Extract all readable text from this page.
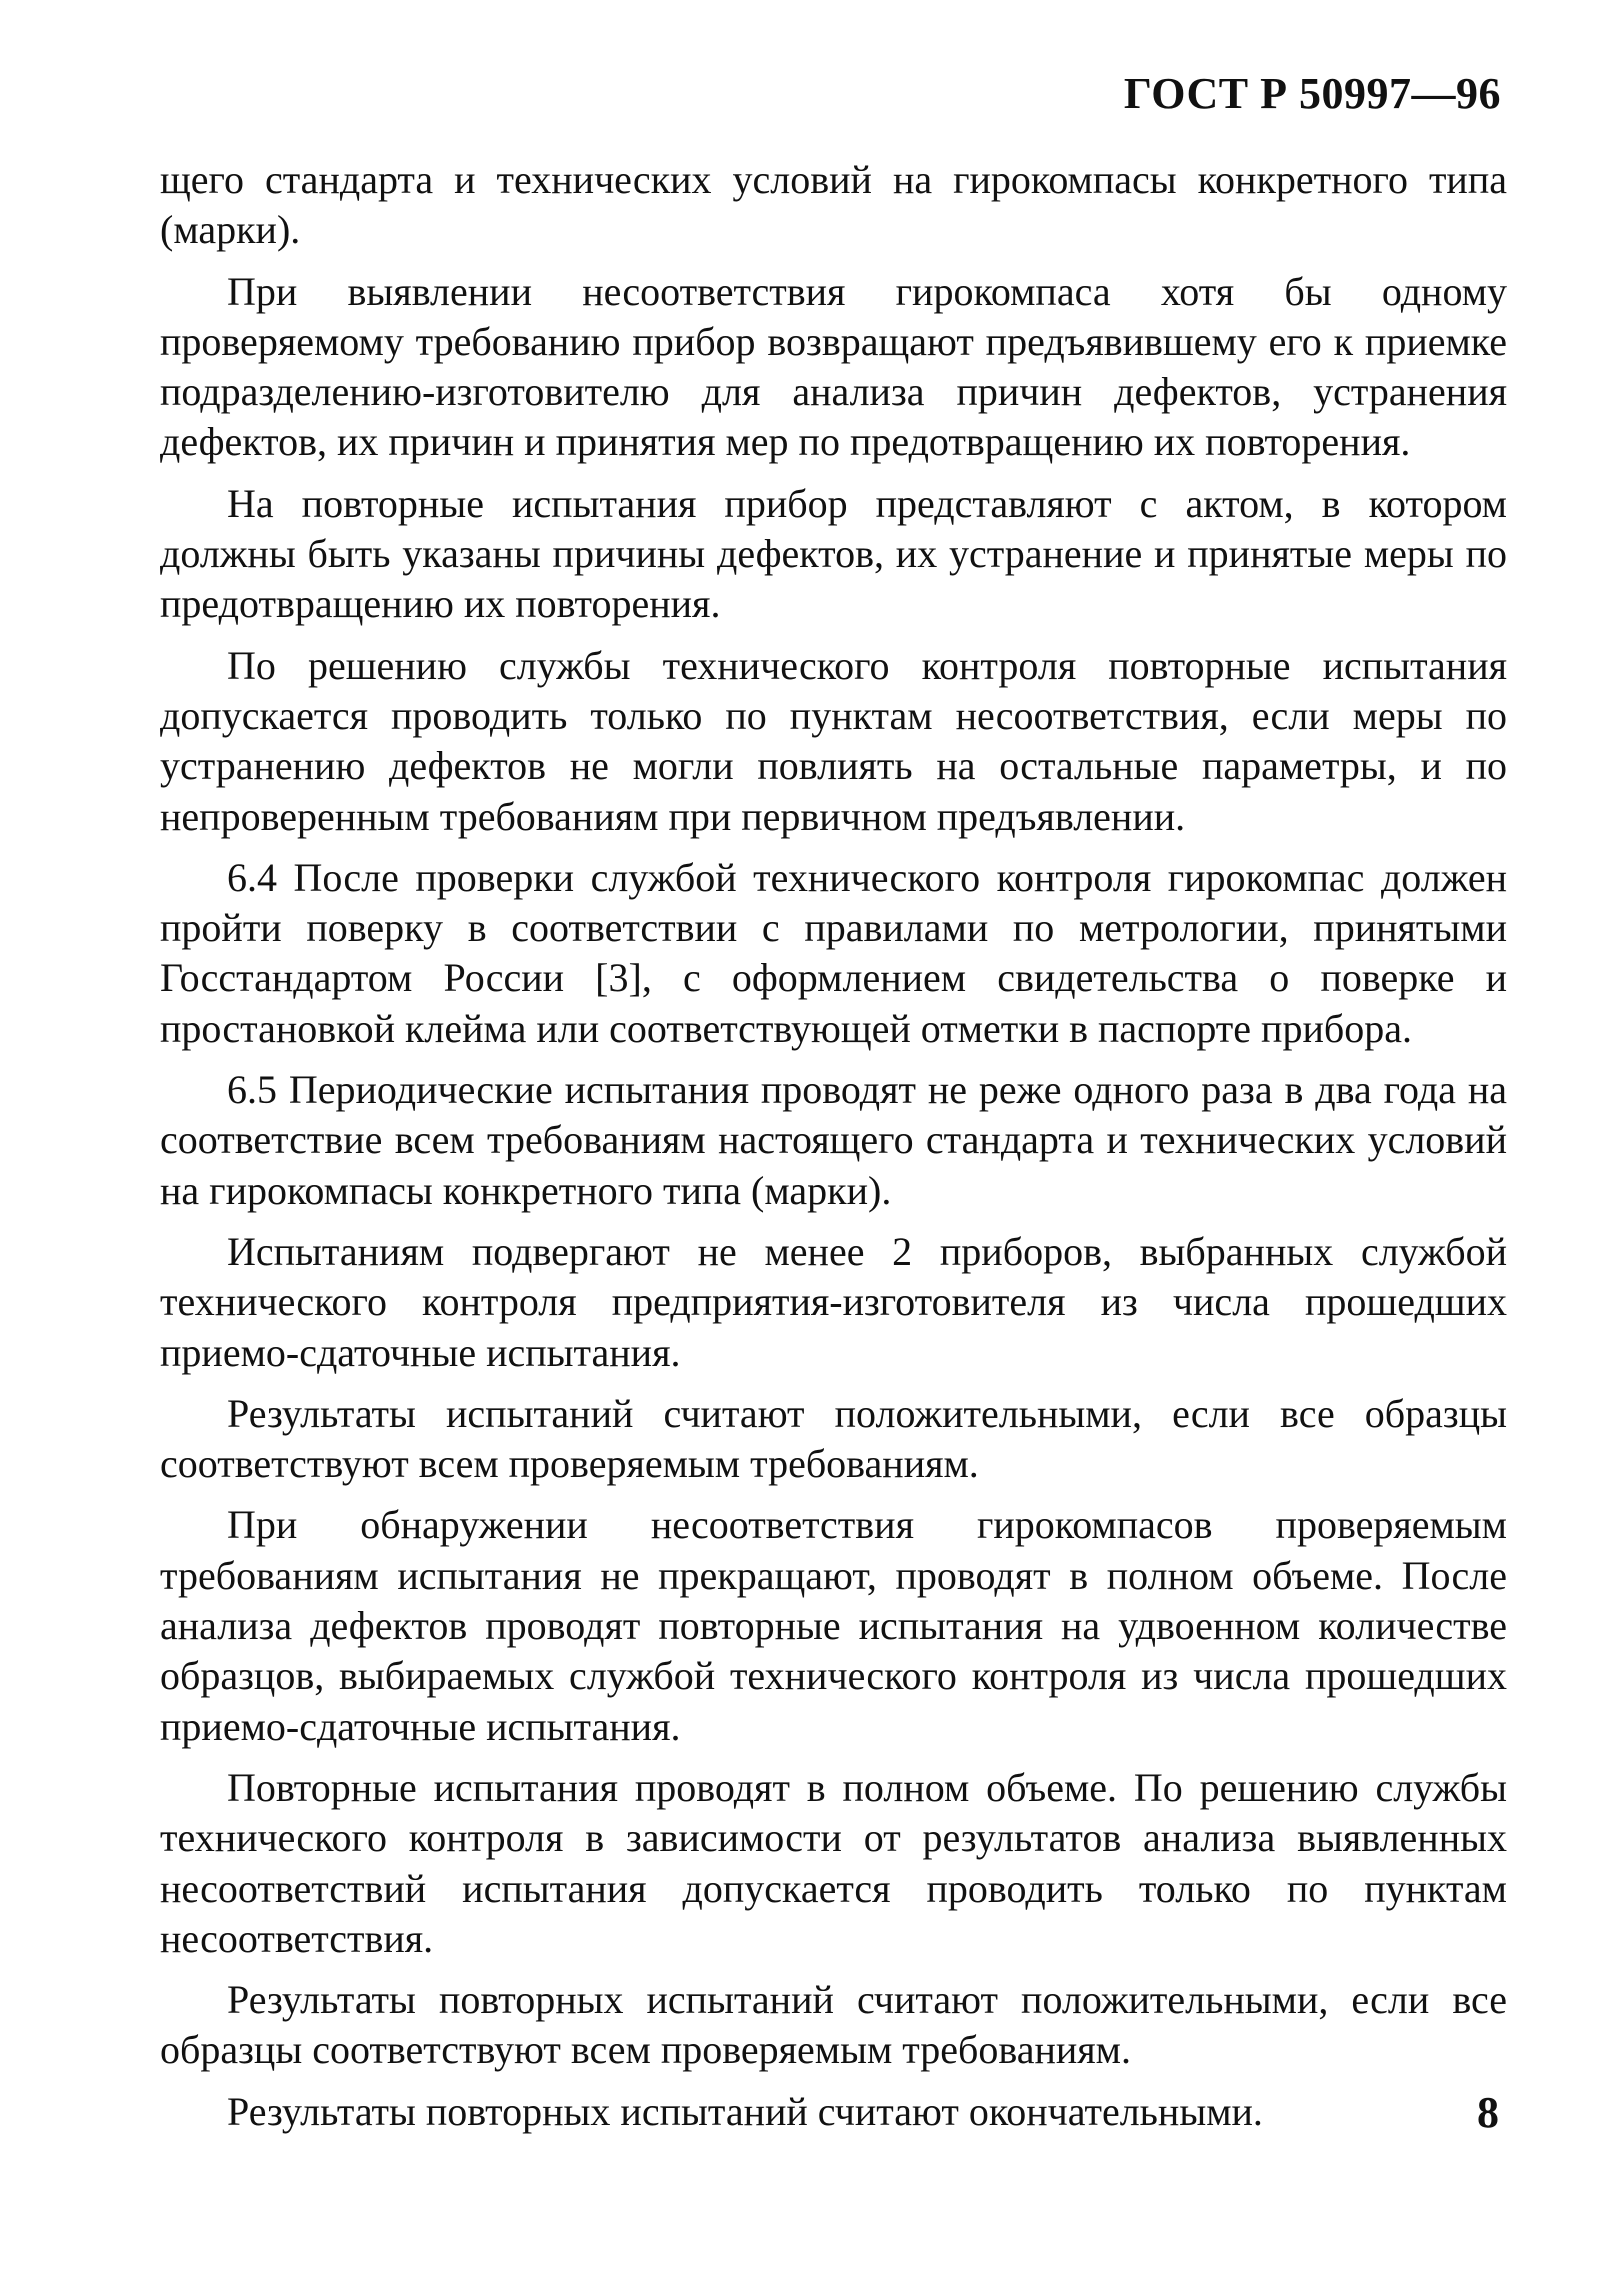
ГОСТ Р 50997—96

щего стандарта и технических условий на гирокомпасы конкретного типа (марки).

При выявлении несоответствия гирокомпаса хотя бы одному проверяемому требованию прибор возвращают предъявившему его к приемке подразделению-изготовителю для анализа причин дефектов, устранения дефектов, их причин и принятия мер по предотвращению их повторения.

На повторные испытания прибор представляют с актом, в котором должны быть указаны причины дефектов, их устранение и принятые меры по предотвращению их повторения.

По решению службы технического контроля повторные испытания допускается проводить только по пунктам несоответствия, если меры по устранению дефектов не могли повлиять на остальные параметры, и по непроверенным требованиям при первичном предъявлении.

6.4 После проверки службой технического контроля гирокомпас должен пройти поверку в соответствии с правилами по метрологии, принятыми Госстандартом России [3], с оформлением свидетельства о поверке и простановкой клейма или соответствующей отметки в паспорте прибора.

6.5 Периодические испытания проводят не реже одного раза в два года на соответствие всем требованиям настоящего стандарта и технических условий на гирокомпасы конкретного типа (марки).

Испытаниям подвергают не менее 2 приборов, выбранных службой технического контроля предприятия-изготовителя из числа прошедших приемо-сдаточные испытания.

Результаты испытаний считают положительными, если все образцы соответствуют всем проверяемым требованиям.

При обнаружении несоответствия гирокомпасов проверяемым требованиям испытания не прекращают, проводят в полном объеме. После анализа дефектов проводят повторные испытания на удвоенном количестве образцов, выбираемых службой технического контроля из числа прошедших приемо-сдаточные испытания.

Повторные испытания проводят в полном объеме. По решению службы технического контроля в зависимости от результатов анализа выявленных несоответствий испытания допускается проводить только по пунктам несоответствия.

Результаты повторных испытаний считают положительными, если все образцы соответствуют всем проверяемым требованиям.

Результаты повторных испытаний считают окончательными.	8
